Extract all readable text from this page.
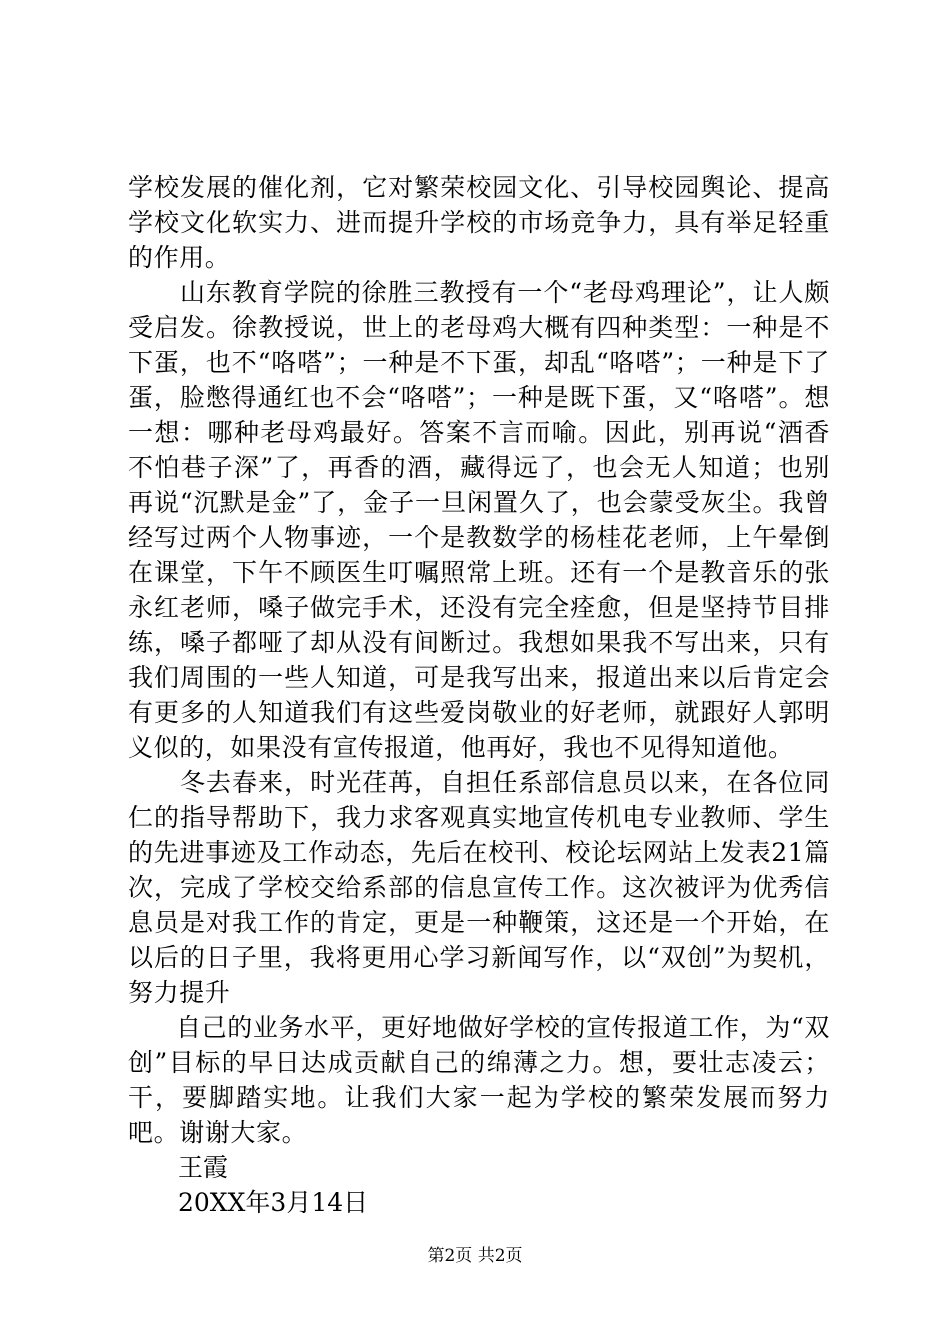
学校发展的催化剂，它对繁荣校园文化、引导校园舆论、提高学校文化软实力、进而提升学校的市场竞争力，具有举足轻重的作用。

山东教育学院的徐胜三教授有一个“老母鸡理论”，让人颇受启发。徐教授说，世上的老母鸡大概有四种类型：一种是不下蛋，也不“咯嗒”；一种是不下蛋，却乱“咯嗒”；一种是下了蛋，脸憋得通红也不会“咯嗒”；一种是既下蛋，又“咯嗒”。想一想：哪种老母鸡最好。答案不言而喻。因此，别再说“酒香不怕巷子深”了，再香的酒，藏得远了，也会无人知道；也别再说“沉默是金”了，金子一旦闲置久了，也会蒙受灰尘。我曾经写过两个人物事迹，一个是教数学的杨桂花老师，上午晕倒在课堂，下午不顾医生叮嘱照常上班。还有一个是教音乐的张永红老师，嗓子做完手术，还没有完全痊愈，但是坚持节目排练，嗓子都哑了却从没有间断过。我想如果我不写出来，只有我们周围的一些人知道，可是我写出来，报道出来以后肯定会有更多的人知道我们有这些爱岗敬业的好老师，就跟好人郭明义似的，如果没有宣传报道，他再好，我也不见得知道他。

冬去春来，时光荏苒，自担任系部信息员以来，在各位同仁的指导帮助下，我力求客观真实地宣传机电专业教师、学生的先进事迹及工作动态，先后在校刊、校论坛网站上发表21篇次，完成了学校交给系部的信息宣传工作。这次被评为优秀信息员是对我工作的肯定，更是一种鞭策，这还是一个开始，在以后的日子里，我将更用心学习新闻写作，以“双创”为契机，努力提升

自己的业务水平，更好地做好学校的宣传报道工作，为“双创”目标的早日达成贡献自己的绵薄之力。想，要壮志凌云；干，要脚踏实地。让我们大家一起为学校的繁荣发展而努力吧。谢谢大家。

王霞

20XX年3月14日

第2页 共2页
